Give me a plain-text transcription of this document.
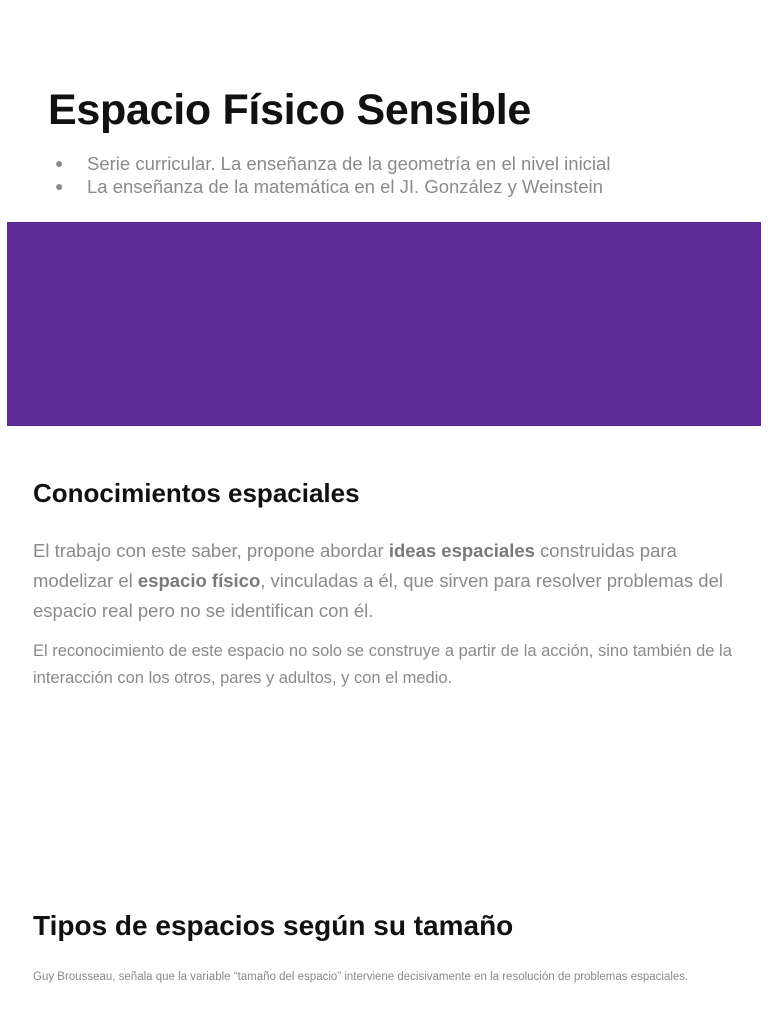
Espacio Físico Sensible
●	Serie curricular. La enseñanza de la geometría en el nivel inicial
●	La enseñanza de la matemática en el JI. González y Weinstein
Conocimientos espaciales

El trabajo con este saber, propone abordar ideas espaciales construidas para modelizar el espacio físico, vinculadas a él, que sirven para resolver problemas del espacio real pero no se identifican con él.

El reconocimiento de este espacio no solo se construye a partir de la acción, sino también de la interacción con los otros, pares y adultos, y con el medio.

Tipos de espacios según su tamaño

Guy Brousseau, señala que la variable “tamaño del espacio” interviene decisivamente en la resolución de problemas espaciales.
